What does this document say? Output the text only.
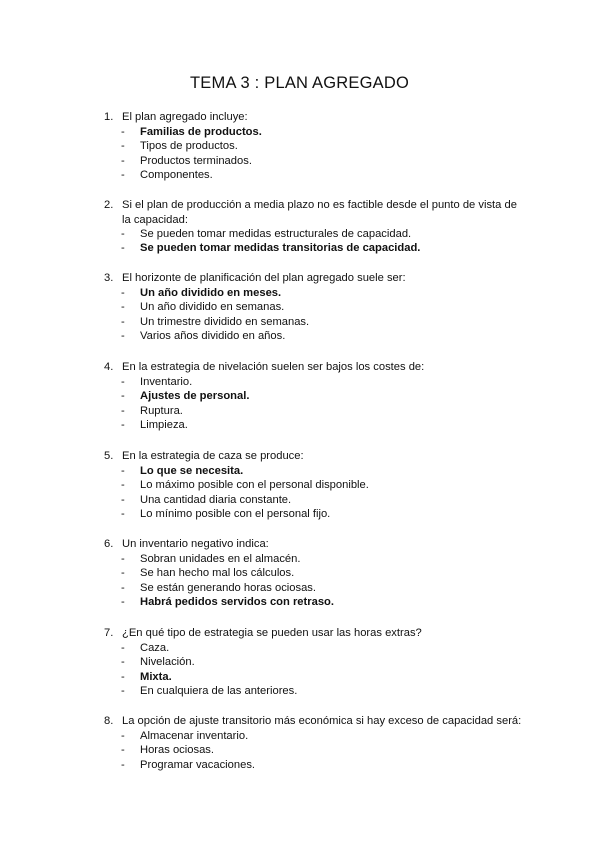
TEMA 3 : PLAN AGREGADO
1. El plan agregado incluye:
-	Familias de productos.
-	Tipos de productos.
-	Productos terminados.
-	Componentes.
2. Si el plan de producción a media plazo no es factible desde el punto de vista de
la capacidad:
-	Se pueden tomar medidas estructurales de capacidad.
-	Se pueden tomar medidas transitorias de capacidad.
3. El horizonte de planificación del plan agregado suele ser:
-	Un año dividido en meses.
-	Un año dividido en semanas.
-	Un trimestre dividido en semanas.
-	Varios años dividido en años.
4. En la estrategia de nivelación suelen ser bajos los costes de:
-	Inventario.
-	Ajustes de personal.
-	Ruptura.
-	Limpieza.
5. En la estrategia de caza se produce:
-	Lo que se necesita.
-	Lo máximo posible con el personal disponible.
-	Una cantidad diaria constante.
-	Lo mínimo posible con el personal fijo.
6. Un inventario negativo indica:
-	Sobran unidades en el almacén.
-	Se han hecho mal los cálculos.
-	Se están generando horas ociosas.
-	Habrá pedidos servidos con retraso.
7. ¿En qué tipo de estrategia se pueden usar las horas extras?
-	Caza.
-	Nivelación.
-	Mixta.
-	En cualquiera de las anteriores.
8. La opción de ajuste transitorio más económica si hay exceso de capacidad será:
-	Almacenar inventario.
-	Horas ociosas.
-	Programar vacaciones.
